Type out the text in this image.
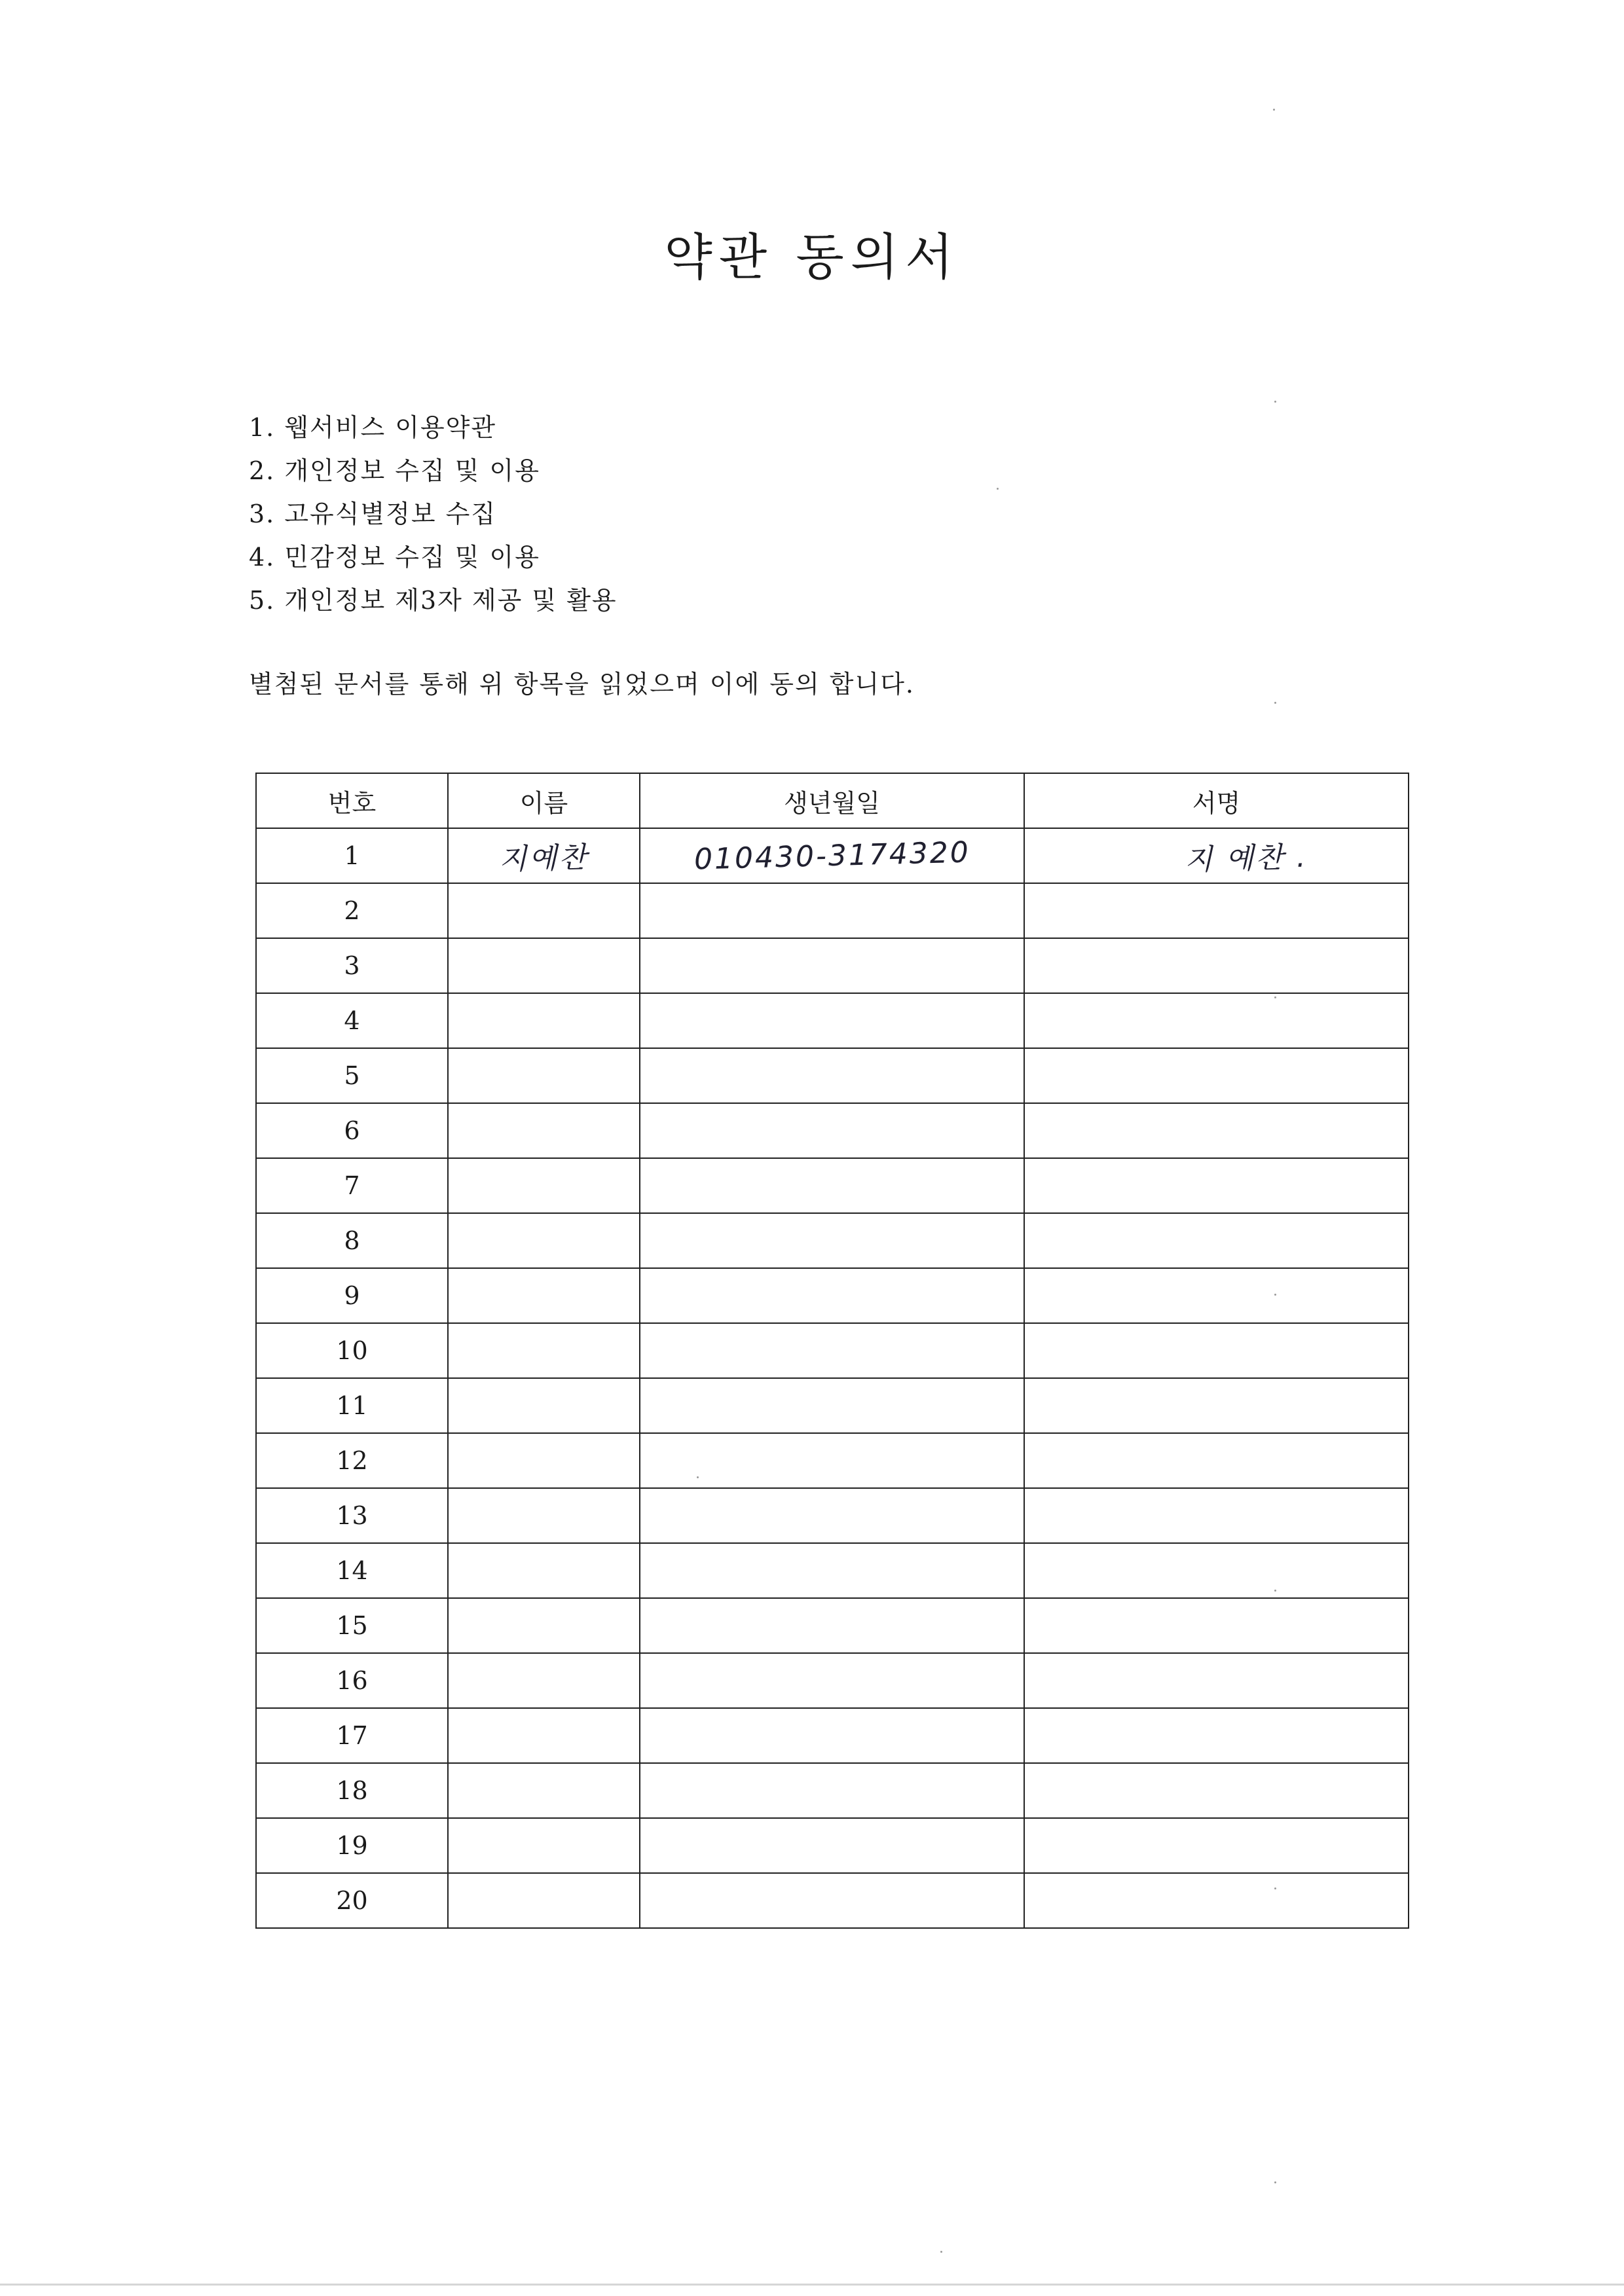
약관 동의서
1. 웹서비스 이용약관
2. 개인정보 수집 및 이용
3. 고유식별정보 수집
4. 민감정보 수집 및 이용
5. 개인정보 제3자 제공 및 활용

별첨된 문서를 통해 위 항목을 읽었으며 이에 동의 합니다.

번호	이름	생년월일	서명
1	지예찬	010430-3174320	지 예찬 .
2			
3			
4			
5			
6			
7			
8			
9			
10			
11			
12			
13			
14			
15			
16			
17			
18			
19			
20			
